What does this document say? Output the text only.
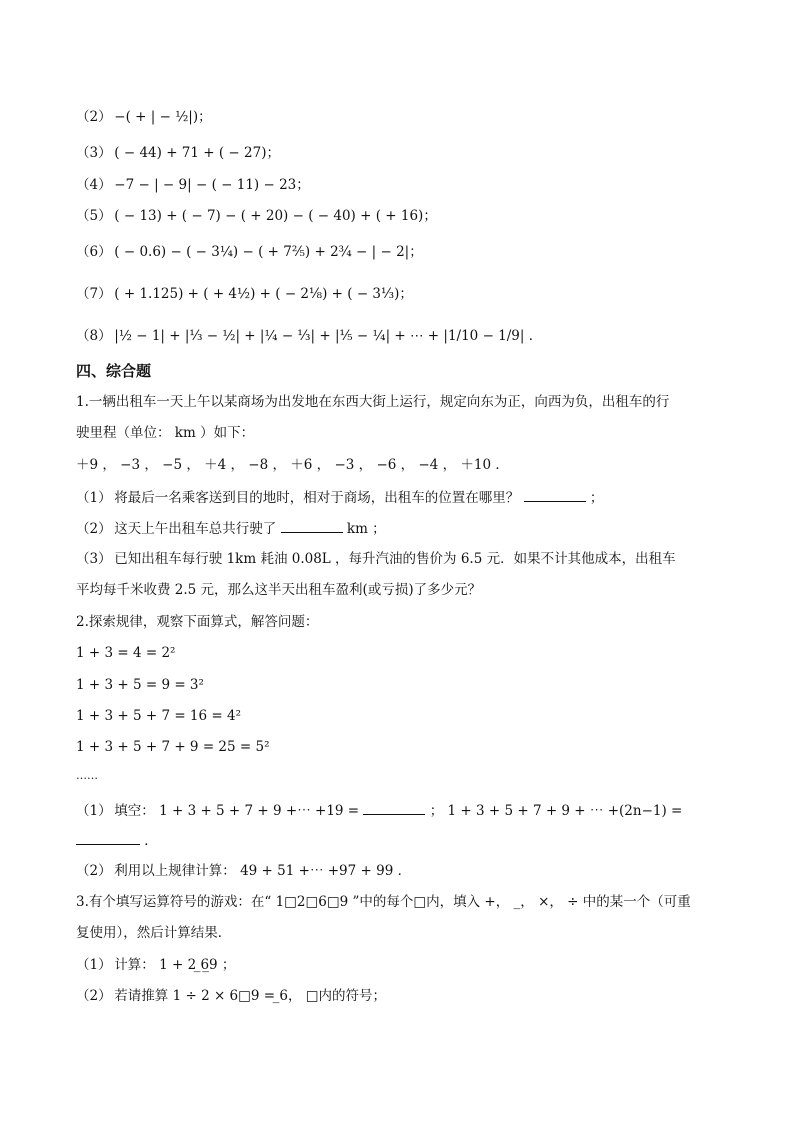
（2） −( + | − ½|)；
（3） ( − 44) + 71 + ( − 27)；
（4） −7 − | − 9| − ( − 11) − 23；
（5） ( − 13) + ( − 7) − ( + 20) − ( − 40) + ( + 16)；
（6） ( − 0.6) − ( − 3¼) − ( + 7⅖) + 2¾ − | − 2|；
（7） ( + 1.125) + ( + 4½) + ( − 2⅛) + ( − 3⅓)；
（8） |½ − 1| + |⅓ − ½| + |¼ − ⅓| + |⅕ − ¼| + ⋯ + |1/10 − 1/9| ．
四、综合题
1.一辆出租车一天上午以某商场为出发地在东西大街上运行，规定向东为正，向西为负，出租车的行
驶里程（单位： km ）如下：
＋9 ， −3 ， −5 ， ＋4 ， −8 ， ＋6 ， −3 ， −6 ， −4 ， ＋10 ．
（1） 将最后一名乘客送到目的地时，相对于商场，出租车的位置在哪里？	；
（2） 这天上午出租车总共行驶了	km ；
（3） 已知出租车每行驶 1km 耗油 0.08L ，每升汽油的售价为 6.5 元．如果不计其他成本，出租车
平均每千米收费 2.5 元，那么这半天出租车盈利(或亏损)了多少元？
2.探索规律，观察下面算式，解答问题：
1 + 3 = 4 = 2²
1 + 3 + 5 = 9 = 3²
1 + 3 + 5 + 7 = 16 = 4²
1 + 3 + 5 + 7 + 9 = 25 = 5²
……
（1） 填空： 1 + 3 + 5 + 7 + 9 +⋯ +19 =	； 1 + 3 + 5 + 7 + 9 + ⋯ +(2n−1) =
．
（2） 利用以上规律计算： 49 + 51 +⋯ +97 + 99 ．
3.有个填写运算符号的游戏：在“ 1□2□6□9 ”中的每个□内，填入 +， _， ×， ÷ 中的某一个（可重
复使用），然后计算结果．
（1） 计算： 1 + 2 ̲6̲9 ；
（2） 若请推算 1 ÷ 2 × 6□9 = ̲6， □内的符号；
